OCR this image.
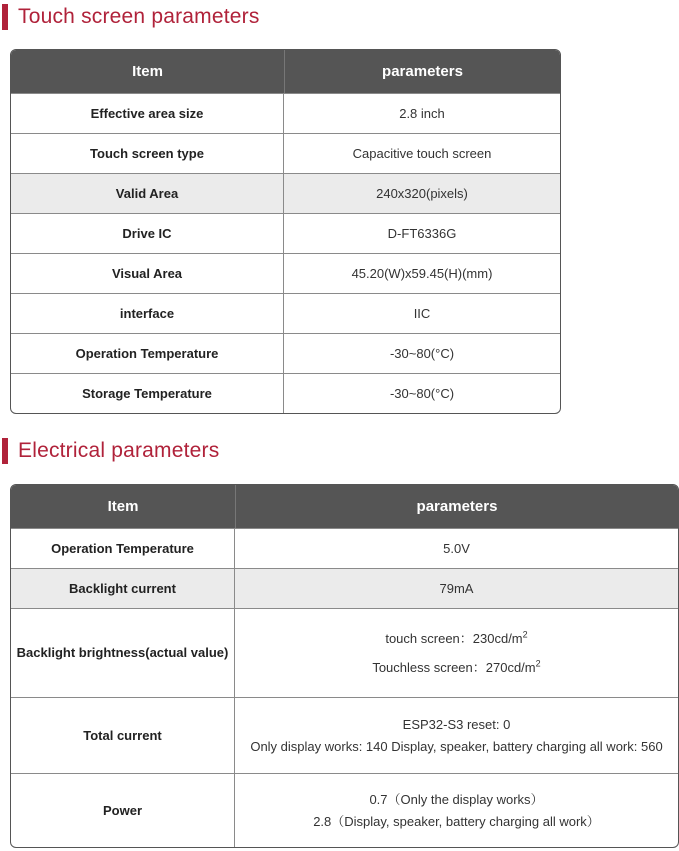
Touch screen parameters
Item	parameters
Effective area size	2.8 inch
Touch screen type	Capacitive touch screen
Valid Area	240x320(pixels)
Drive IC	D-FT6336G
Visual Area	45.20(W)x59.45(H)(mm)
interface	IIC
Operation Temperature	-30~80(°C)
Storage Temperature	-30~80(°C)
Electrical parameters
Item	parameters
Operation Temperature	5.0V
Backlight current	79mA
Backlight brightness(actual value)	touch screen：$230cd/m^2$
Touchless screen：$270cd/m^2$

Total current	ESP32-S3 reset: 0
Only display works: 140 Display, speaker, battery charging all work: 560

Power	0.7（Only the display works）
2.8（Display, speaker, battery charging all work）
